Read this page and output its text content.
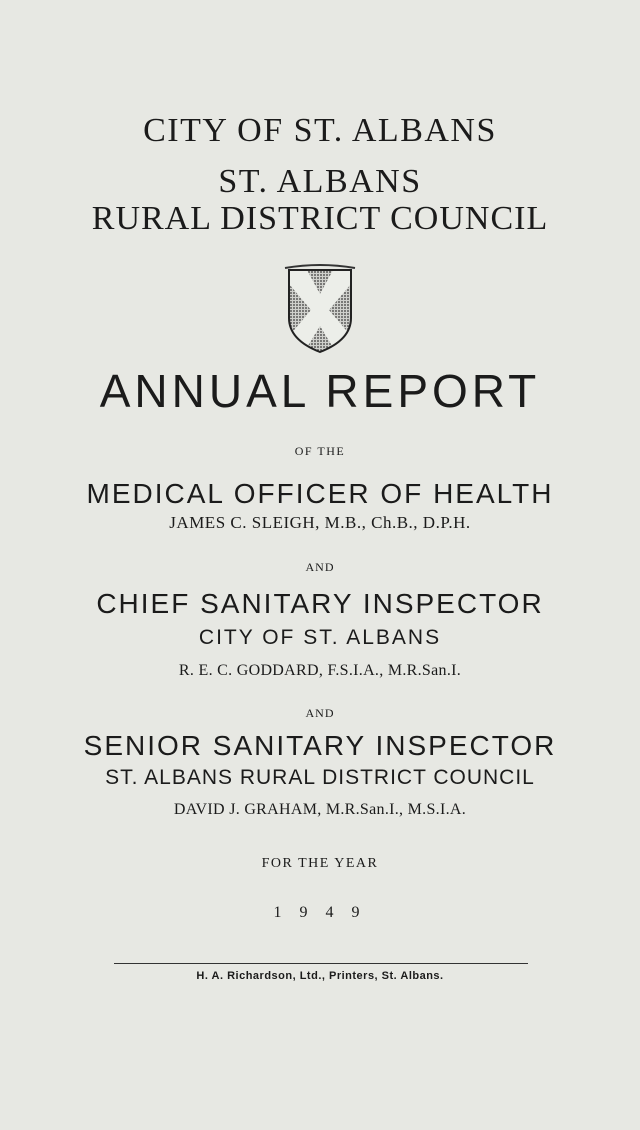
CITY OF ST. ALBANS
ST. ALBANS
RURAL DISTRICT COUNCIL
ANNUAL REPORT
OF THE
MEDICAL OFFICER OF HEALTH
JAMES C. SLEIGH, M.B., Ch.B., D.P.H.
AND
CHIEF SANITARY INSPECTOR
CITY OF ST. ALBANS
R. E. C. GODDARD, F.S.I.A., M.R.San.I.
AND
SENIOR SANITARY INSPECTOR
ST. ALBANS RURAL DISTRICT COUNCIL
DAVID J. GRAHAM, M.R.San.I., M.S.I.A.
FOR THE YEAR
1 9 4 9
H. A. Richardson, Ltd., Printers, St. Albans.
